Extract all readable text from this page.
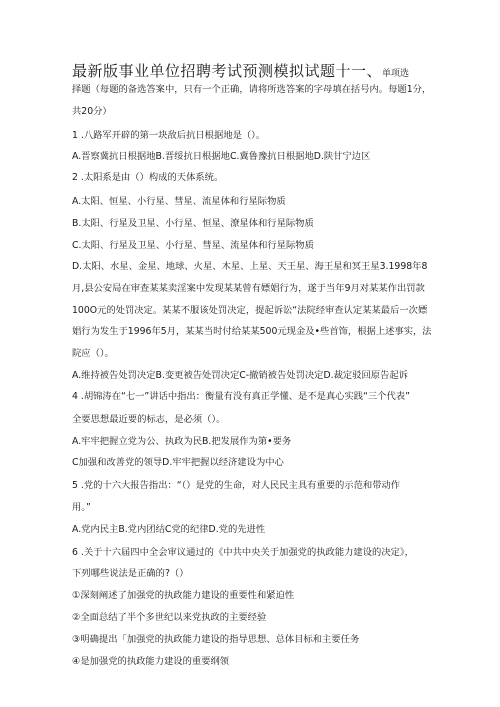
最新版事业单位招聘考试预测模拟试题十一、单项选
择题（每题的备选答案中，只有一个正确，请将所选答案的字母填在括号内。每题1分，
共20分）
1 .八路军开辟的第一块敌后抗日根据地是（）。
A.晋察冀抗日根据地B.晋绥抗日根据地C.冀鲁豫抗日根据地D.陕甘宁边区
2 .太阳系是由（）构成的天体系统。
A.太阳、恒星、小行星、彗星、流星体和行星际物质
B.太阳、行星及卫星、小行星、恒星、潦星体和行星际物质
C.太阳、行星及卫星、小行星、彗星、流星体和行星际物质
D.太阳、水星、金星、地球、火星、木星、上星、天王星、海王星和冥王星3.1998年8
月,县公安局在审查某某卖淫案中发现某某曾有嫖娼行为，遂于当年9月对某某作出罚款
100O元的处罚决定。某某不服该处罚决定，提起诉讼“法院经审查认定某某最后一次嫖
娼行为发生于1996年5月，某某当时付给某某500元现金及•些首饰，根据上述事实，法
院应（）。
A.维持被告处罚决定B.变更被告处罚决定C-撤销被告处罚决定D.裁定驳回原告起诉
4 .胡锦涛在“七一”讲话中指出：衡量有没有真正学懂、是不是真心实践“三个代表”
全要思想最近要的标志，是必须（）。
A.牢牢把握立党为公、执政为民B.把发展作为第•要务
C加强和改善党的领导D.牢牢把握以经济建设为中心
5 .党的十六大报告指出：“（）是党的生命，对人民民主具有重要的示范和带动作
用。”
A.党内民主B.党内团结C党的纪律D.党的先进性
6 .关于十六届四中全会审议通过的《中共中央关于加强党的执政能力建设的决定》，
下列哪些说法是正确的?（）
①深刻阐述了加强党的执政能力建设的重要性和紧迫性
②全面总结了半个多世纪以来党执政的主要经验
③明确提出「加强党的执政能力建设的指导思想、总体目标和主要任务
④是加强党的执政能力建设的重要纲领
